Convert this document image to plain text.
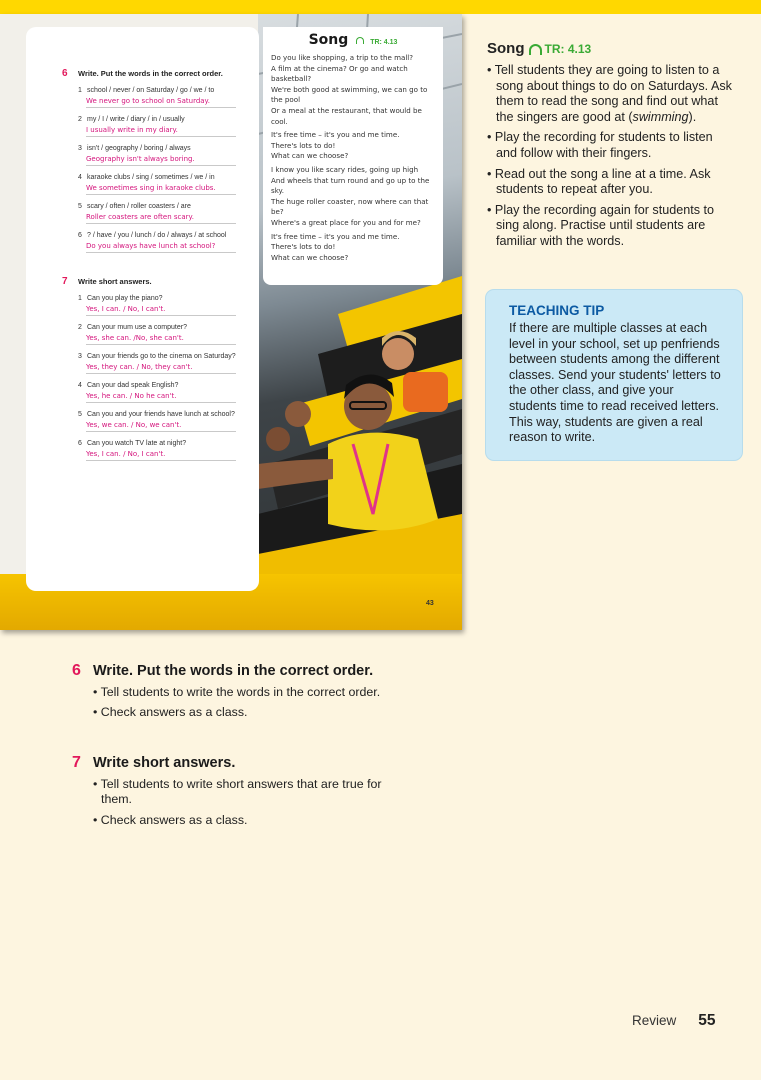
Song	TR: 4.13
Do you like shopping, a trip to the mall?
A film at the cinema? Or go and watch basketball?
We're both good at swimming, we can go to the pool
Or a meal at the restaurant, that would be cool.
It's free time – it's you and me time.
There's lots to do!
What can we choose?
I know you like scary rides, going up high
And wheels that turn round and go up to the sky.
The huge roller coaster, now where can that be?
Where's a great place for you and for me?
It's free time – it's you and me time.
There's lots to do!
What can we choose?
6	Write. Put the words in the correct order.
1 school / never / on Saturday / go / we / to
We never go to school on Saturday.
2 my / I / write / diary / in / usually
I usually write in my diary.
3 isn't / geography / boring / always
Geography isn't always boring.
4 karaoke clubs / sing / sometimes / we / in
We sometimes sing in karaoke clubs.
5 scary / often / roller coasters / are
Roller coasters are often scary.
6 ? / have / you / lunch / do / always / at school
Do you always have lunch at school?
7	Write short answers.
1 Can you play the piano?
Yes, I can. / No, I can't.
2 Can your mum use a computer?
Yes, she can. /No, she can't.
3 Can your friends go to the cinema on Saturday?
Yes, they can. / No, they can't.
4 Can your dad speak English?
Yes, he can. / No he can't.
5 Can you and your friends have lunch at school?
Yes, we can. / No, we can't.
6 Can you watch TV late at night?
Yes, I can. / No, I can't.
43
Song TR: 4.13
• Tell students they are going to listen to a song about things to do on Saturdays. Ask them to read the song and find out what the singers are good at (swimming).
• Play the recording for students to listen and follow with their fingers.
• Read out the song a line at a time. Ask students to repeat after you.
• Play the recording again for students to sing along. Practise until students are familiar with the words.
TEACHING TIP
If there are multiple classes at each level in your school, set up penfriends between students among the different classes. Send your students' letters to the other class, and give your students time to read received letters. This way, students are given a real reason to write.
6 Write. Put the words in the correct order.
• Tell students to write the words in the correct order.
• Check answers as a class.
7 Write short answers.
• Tell students to write short answers that are true for them.
• Check answers as a class.
Review 55
